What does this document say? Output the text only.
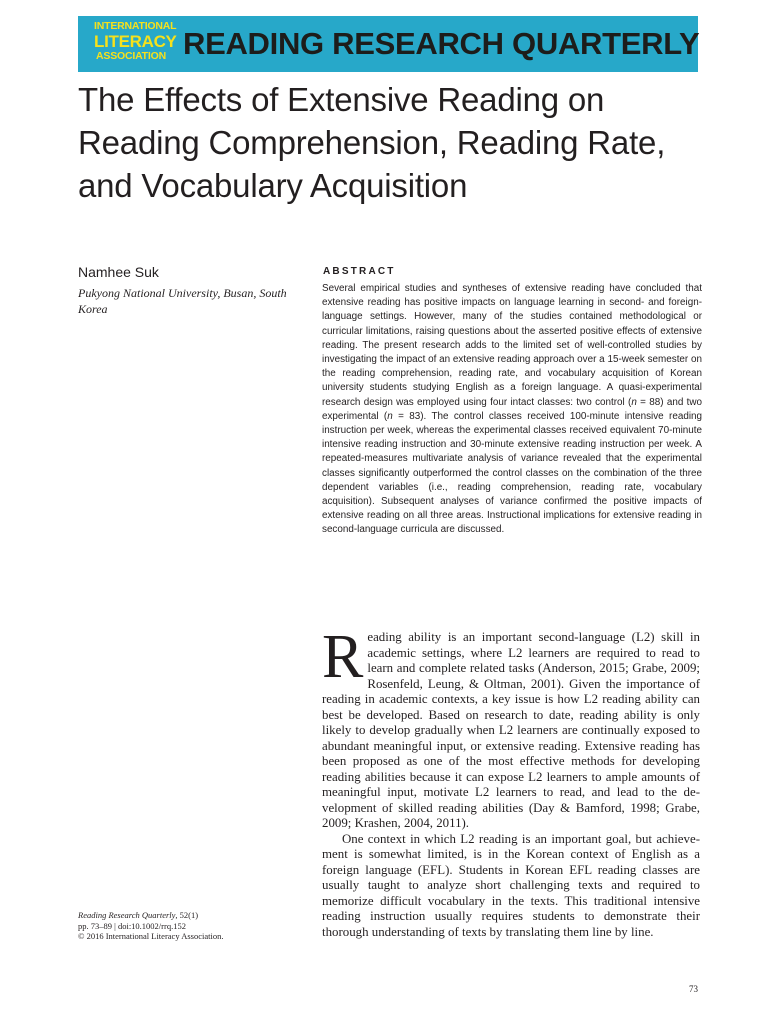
INTERNATIONAL
LITERACY
ASSOCIATION READING RESEARCH QUARTERLY
The Effects of Extensive Reading on Reading Comprehension, Reading Rate, and Vocabulary Acquisition
Namhee Suk
Pukyong National University, Busan, South Korea
ABSTRACT

Several empirical studies and syntheses of extensive reading have concluded that extensive reading has positive impacts on language learning in second- and foreign-language settings. However, many of the studies contained methodological or curricular limitations, raising questions about the asserted positive effects of extensive reading. The present research adds to the limited set of well-controlled studies by investigating the impact of an extensive reading approach over a 15-week semester on the reading comprehension, reading rate, and vocabulary acquisition of Korean university students studying English as a foreign language. A quasi-experimental research design was employed using four intact classes: two control (n = 88) and two experimental (n = 83). The control classes received 100-minute intensive reading instruction per week, whereas the experimental classes received equivalent 70-minute intensive reading instruction and 30-minute extensive reading instruction per week. A repeated-measures multivariate analysis of variance revealed that the experimental classes significantly outperformed the control classes on the combination of the three dependent variables (i.e., reading comprehension, reading rate, vocabulary acquisition). Subsequent analyses of variance confirmed the positive impacts of extensive reading on all three areas. Instructional implications for extensive reading in second-language curricula are discussed.

Reading ability is an important second-language (L2) skill in academic settings, where L2 learners are required to read to learn and complete related tasks (Anderson, 2015; Grabe, 2009; Rosenfeld, Leung, & Oltman, 2001). Given the importance of reading in academic contexts, a key issue is how L2 reading ability can best be developed. Based on research to date, reading ability is only likely to develop gradually when L2 learners are continually exposed to abundant meaningful input, or extensive reading. Extensive reading has been proposed as one of the most effective methods for developing reading abilities because it can expose L2 learners to ample amounts of meaningful input, motivate L2 learners to read, and lead to the development of skilled reading abilities (Day & Bamford, 1998; Grabe, 2009; Krashen, 2004, 2011).

One context in which L2 reading is an important goal, but achievement is somewhat limited, is in the Korean context of English as a foreign language (EFL). Students in Korean EFL reading classes are usually taught to analyze short challenging texts and required to memorize difficult vocabulary in the texts. This traditional intensive reading instruction usually requires students to demonstrate their thorough understanding of texts by translating them line by line.

Reading Research Quarterly, 52(1)
pp. 73–89 | doi:10.1002/rrq.152
© 2016 International Literacy Association.
73
